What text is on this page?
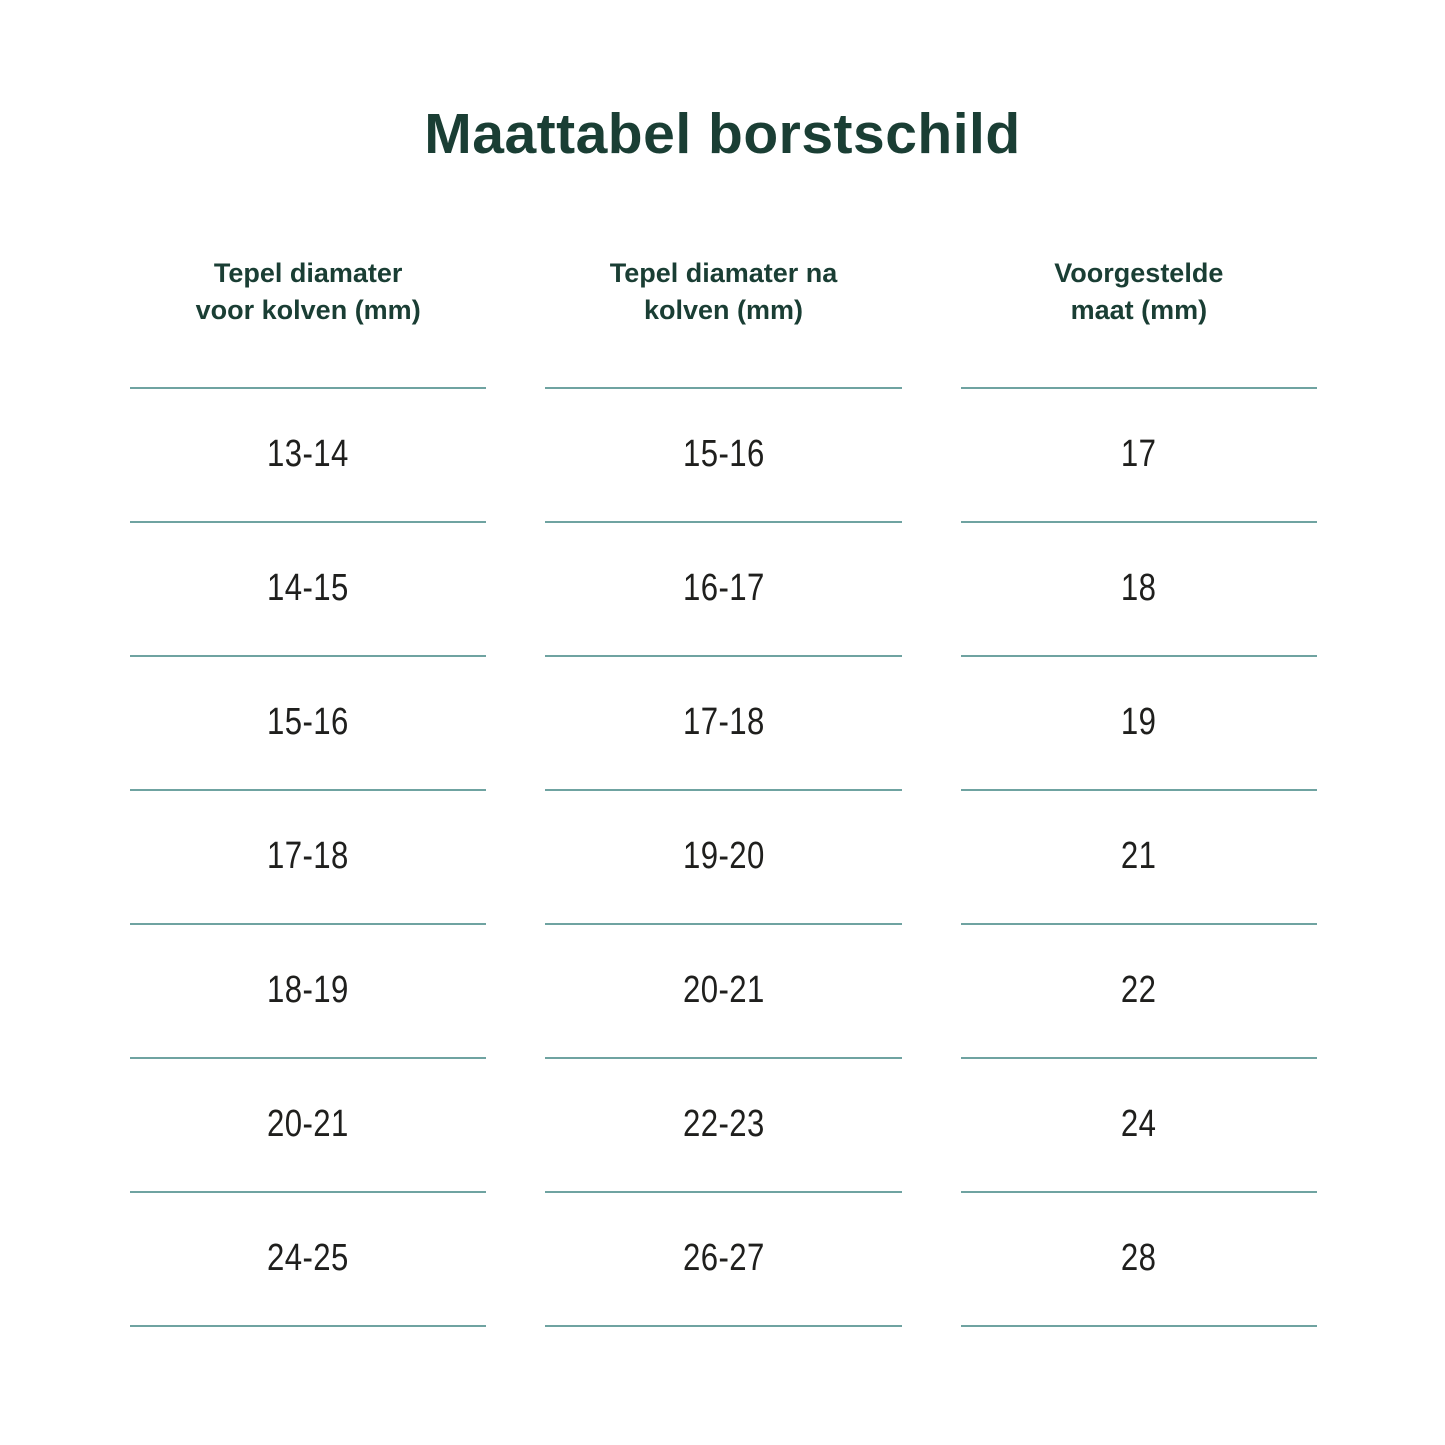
Maattabel borstschild
Tepel diamater
voor kolven (mm)
13-14
14-15
15-16
17-18
18-19
20-21
24-25
Tepel diamater na
kolven (mm)
15-16
16-17
17-18
19-20
20-21
22-23
26-27
Voorgestelde
maat (mm)
17
18
19
21
22
24
28
